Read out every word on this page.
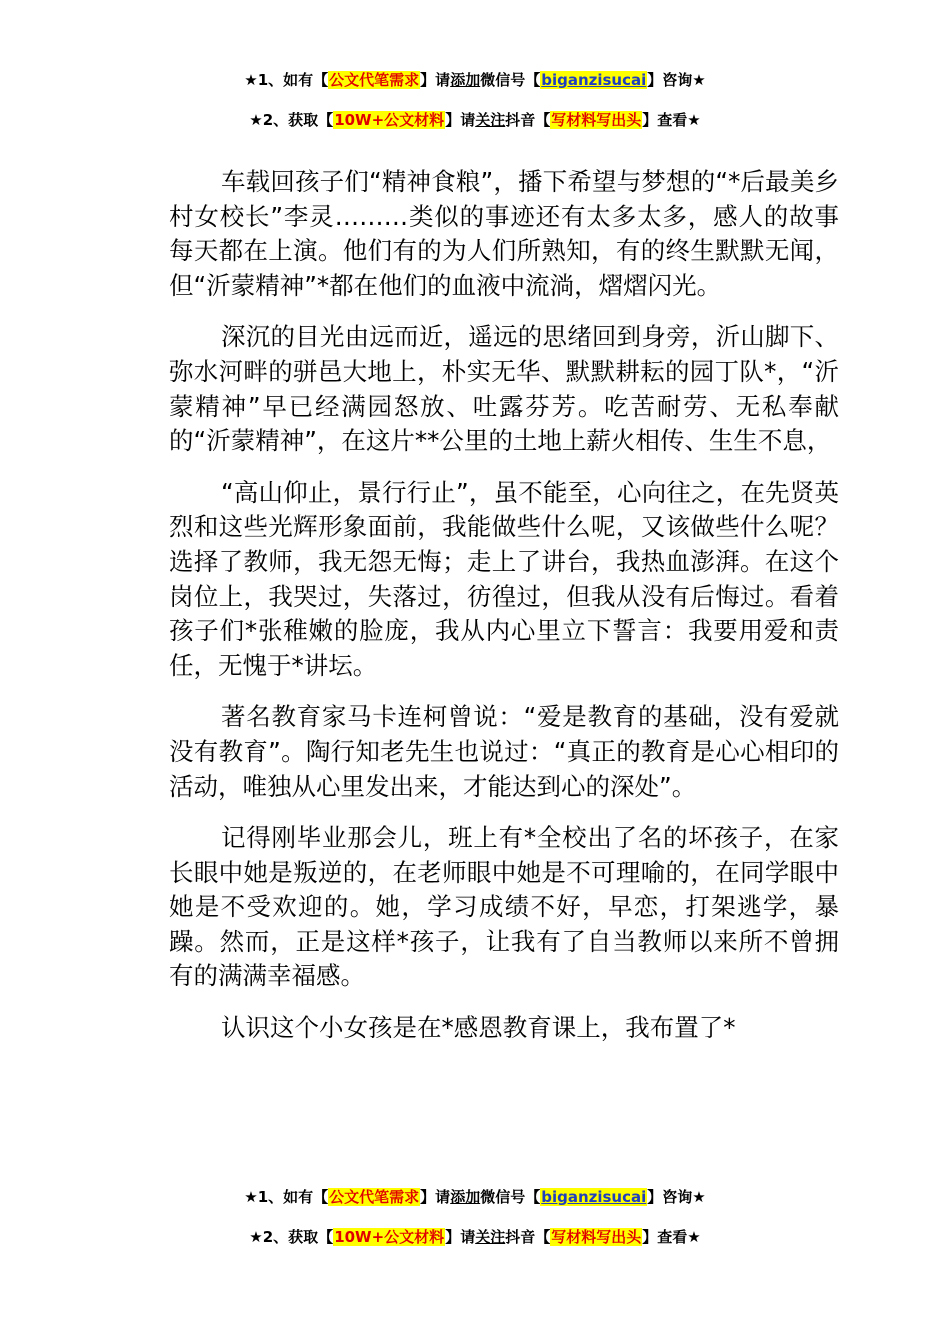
★1、如有【公文代笔需求】请添加微信号【biganzisucai】咨询★
★2、获取【10W+公文材料】请关注抖音【写材料写出头】查看★

车载回孩子们“精神食粮”，播下希望与梦想的“*后最美乡村女校长”李灵………类似的事迹还有太多太多，感人的故事每天都在上演。他们有的为人们所熟知，有的终生默默无闻，但“沂蒙精神”*都在他们的血液中流淌，熠熠闪光。

深沉的目光由远而近，遥远的思绪回到身旁，沂山脚下、弥水河畔的骈邑大地上，朴实无华、默默耕耘的园丁队*，“沂蒙精神”早已经满园怒放、吐露芬芳。吃苦耐劳、无私奉献的“沂蒙精神”，在这片**公里的土地上薪火相传、生生不息，

“高山仰止，景行行止”，虽不能至，心向往之，在先贤英烈和这些光辉形象面前，我能做些什么呢，又该做些什么呢？选择了教师，我无怨无悔；走上了讲台，我热血澎湃。在这个岗位上，我哭过，失落过，彷徨过，但我从没有后悔过。看着孩子们*张稚嫩的脸庞，我从内心里立下誓言：我要用爱和责任，无愧于*讲坛。

著名教育家马卡连柯曾说：“爱是教育的基础，没有爱就没有教育”。陶行知老先生也说过：“真正的教育是心心相印的活动，唯独从心里发出来，才能达到心的深处”。

记得刚毕业那会儿，班上有*全校出了名的坏孩子，在家长眼中她是叛逆的，在老师眼中她是不可理喻的，在同学眼中她是不受欢迎的。她，学习成绩不好，早恋，打架逃学，暴躁。然而，正是这样*孩子，让我有了自当教师以来所不曾拥有的满满幸福感。

认识这个小女孩是在*感恩教育课上，我布置了*

★1、如有【公文代笔需求】请添加微信号【biganzisucai】咨询★
★2、获取【10W+公文材料】请关注抖音【写材料写出头】查看★
